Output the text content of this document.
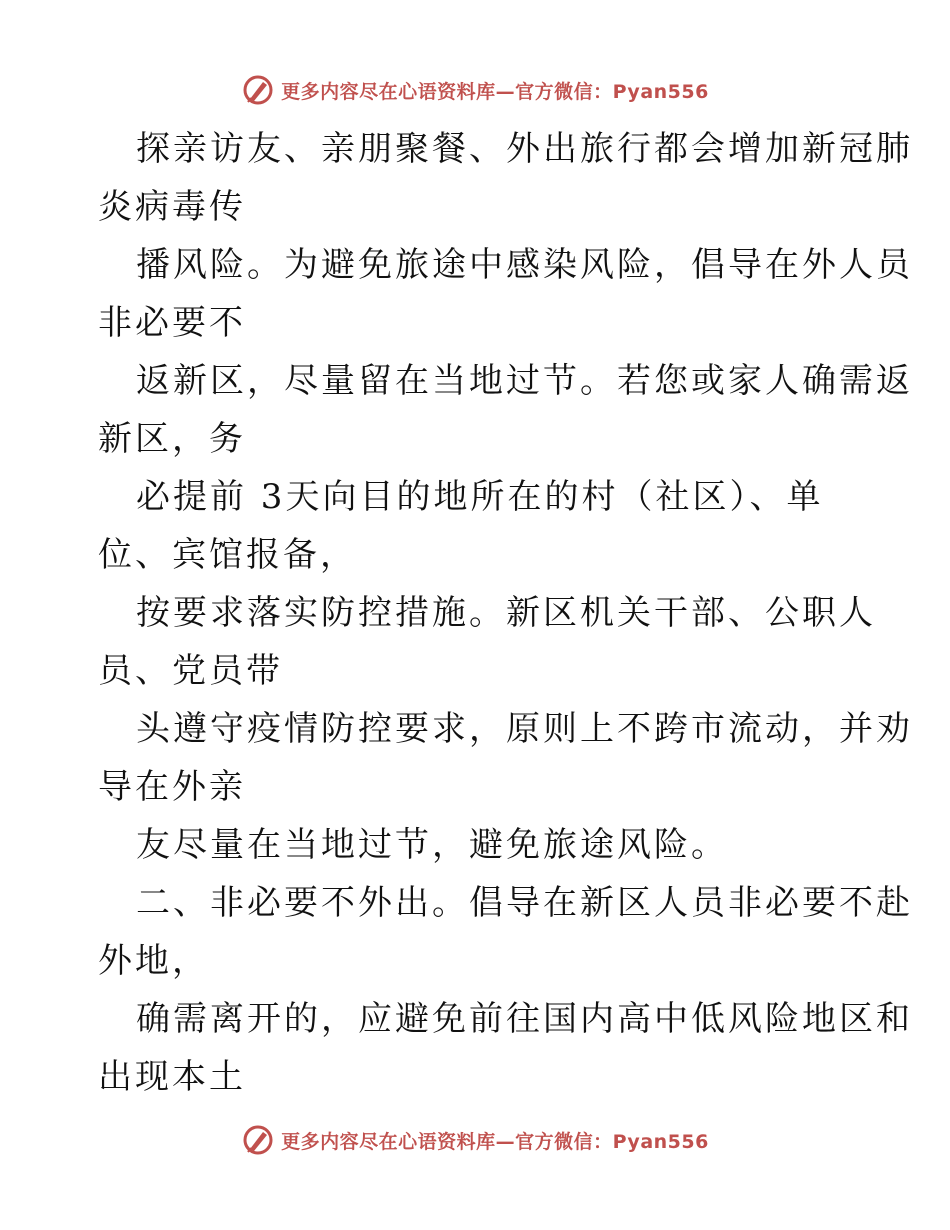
更多内容尽在心语资料库—官方微信：Pyan556
探亲访友、亲朋聚餐、外出旅行都会增加新冠肺
炎病毒传
播风险。为避免旅途中感染风险，倡导在外人员
非必要不
返新区，尽量留在当地过节。若您或家人确需返
新区，务
必提前 3天向目的地所在的村（社区）、单
位、宾馆报备，
按要求落实防控措施。新区机关干部、公职人
员、党员带
头遵守疫情防控要求，原则上不跨市流动，并劝
导在外亲
友尽量在当地过节，避免旅途风险。
二、非必要不外出。倡导在新区人员非必要不赴
外地，
确需离开的，应避免前往国内高中低风险地区和
出现本土
更多内容尽在心语资料库—官方微信：Pyan556
